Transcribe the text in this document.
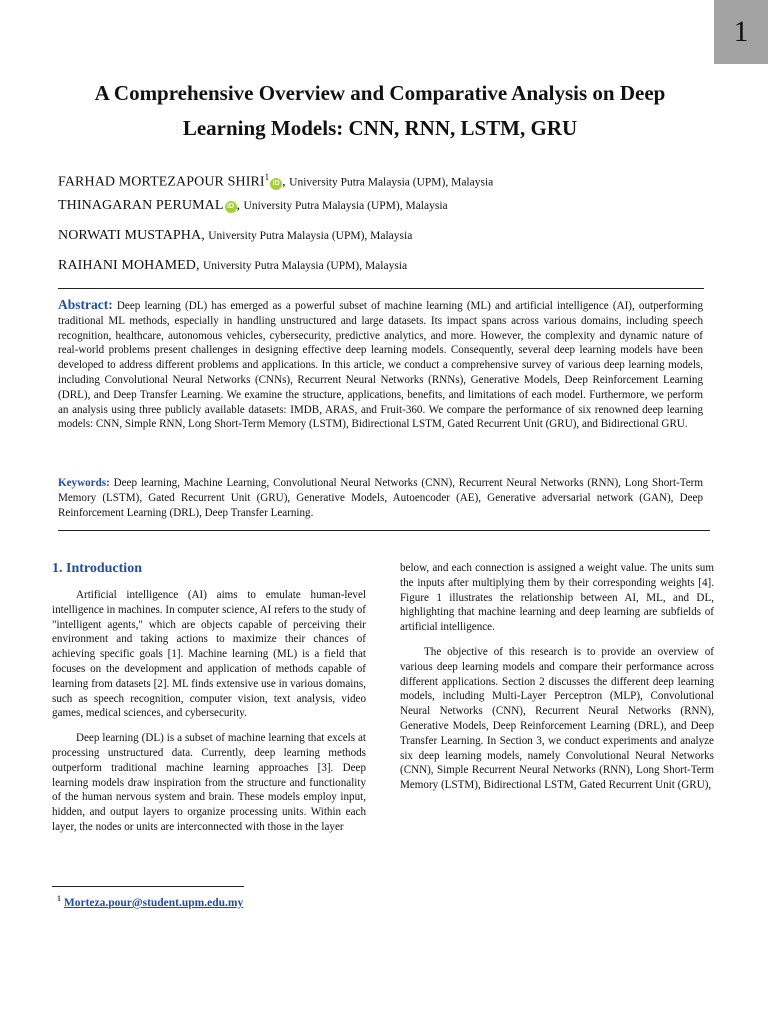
1
A Comprehensive Overview and Comparative Analysis on Deep
Learning Models: CNN, RNN, LSTM, GRU
FARHAD MORTEZAPOUR SHIRI$^1$iD , University Putra Malaysia (UPM), Malaysia
THINAGARAN PERUMAL iD , University Putra Malaysia (UPM), Malaysia
NORWATI MUSTAPHA, University Putra Malaysia (UPM), Malaysia
RAIHANI MOHAMED, University Putra Malaysia (UPM), Malaysia
Abstract: Deep learning (DL) has emerged as a powerful subset of machine learning (ML) and artificial intelligence (AI), outperforming traditional ML methods, especially in handling unstructured and large datasets. Its impact spans across various domains, including speech recognition, healthcare, autonomous vehicles, cybersecurity, predictive analytics, and more. However, the complexity and dynamic nature of real-world problems present challenges in designing effective deep learning models. Consequently, several deep learning models have been developed to address different problems and applications. In this article, we conduct a comprehensive survey of various deep learning models, including Convolutional Neural Networks (CNNs), Recurrent Neural Networks (RNNs), Generative Models, Deep Reinforcement Learning (DRL), and Deep Transfer Learning. We examine the structure, applications, benefits, and limitations of each model. Furthermore, we perform an analysis using three publicly available datasets: IMDB, ARAS, and Fruit-360. We compare the performance of six renowned deep learning models: CNN, Simple RNN, Long Short-Term Memory (LSTM), Bidirectional LSTM, Gated Recurrent Unit (GRU), and Bidirectional GRU.
Keywords: Deep learning, Machine Learning, Convolutional Neural Networks (CNN), Recurrent Neural Networks (RNN), Long Short-Term Memory (LSTM), Gated Recurrent Unit (GRU), Generative Models, Autoencoder (AE), Generative adversarial network (GAN), Deep Reinforcement Learning (DRL), Deep Transfer Learning.
1. Introduction

Artificial intelligence (AI) aims to emulate human-level intelligence in machines. In computer science, AI refers to the study of "intelligent agents," which are objects capable of perceiving their environment and taking actions to maximize their chances of achieving specific goals [1]. Machine learning (ML) is a field that focuses on the development and application of methods capable of learning from datasets [2]. ML finds extensive use in various domains, such as speech recognition, computer vision, text analysis, video games, medical sciences, and cybersecurity.

Deep learning (DL) is a subset of machine learning that excels at processing unstructured data. Currently, deep learning methods outperform traditional machine learning approaches [3]. Deep learning models draw inspiration from the structure and functionality of the human nervous system and brain. These models employ input, hidden, and output layers to organize processing units. Within each layer, the nodes or units are interconnected with those in the layer

below, and each connection is assigned a weight value. The units sum the inputs after multiplying them by their corresponding weights [4]. Figure 1 illustrates the relationship between AI, ML, and DL, highlighting that machine learning and deep learning are subfields of artificial intelligence.

The objective of this research is to provide an overview of various deep learning models and compare their performance across different applications. Section 2 discusses the different deep learning models, including Multi-Layer Perceptron (MLP), Convolutional Neural Networks (CNN), Recurrent Neural Networks (RNN), Generative Models, Deep Reinforcement Learning (DRL), and Deep Transfer Learning. In Section 3, we conduct experiments and analyze six deep learning models, namely Convolutional Neural Networks (CNN), Simple Recurrent Neural Networks (RNN), Long Short-Term Memory (LSTM), Bidirectional LSTM, Gated Recurrent Unit (GRU),

$^1$ Morteza.pour@student.upm.edu.my
